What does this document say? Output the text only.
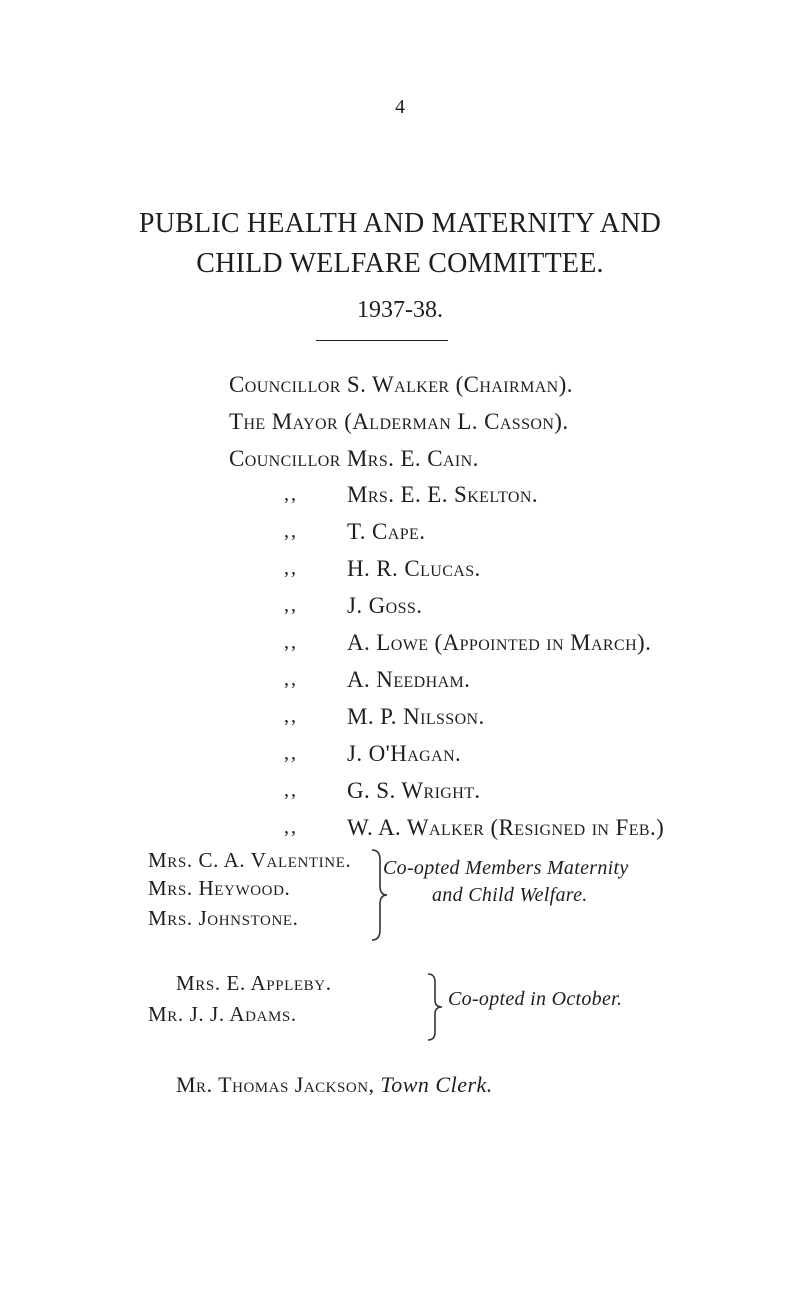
4
PUBLIC HEALTH AND MATERNITY AND
CHILD WELFARE COMMITTEE.
1937-38.
Councillor S. Walker (Chairman).
The Mayor (Alderman L. Casson).
Councillor Mrs. E. Cain.
,, Mrs. E. E. Skelton.
,, T. Cape.
,, H. R. Clucas.
,, J. Goss.
,, A. Lowe (Appointed in March).
,, A. Needham.
,, M. P. Nilsson.
,, J. O'Hagan.
,, G. S. Wright.
,, W. A. Walker (Resigned in Feb.)
Mrs. C. A. Valentine.
Mrs. Heywood.
Mrs. Johnstone.
Co-opted Members Maternity
and Child Welfare.
Mrs. E. Appleby.
Mr. J. J. Adams.
Co-opted in October.
Mr. Thomas Jackson, Town Clerk.
